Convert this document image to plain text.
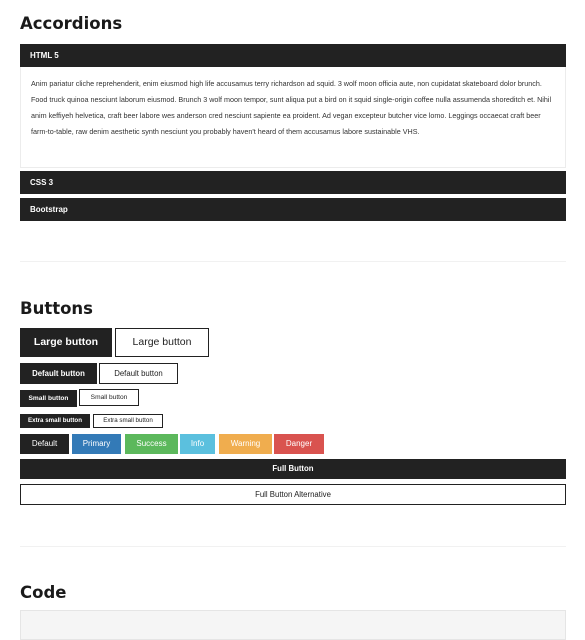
Accordions
HTML 5
Anim pariatur cliche reprehenderit, enim eiusmod high life accusamus terry richardson ad squid. 3 wolf moon officia aute, non cupidatat skateboard dolor brunch. Food truck quinoa nesciunt laborum eiusmod. Brunch 3 wolf moon tempor, sunt aliqua put a bird on it squid single-origin coffee nulla assumenda shoreditch et. Nihil anim keffiyeh helvetica, craft beer labore wes anderson cred nesciunt sapiente ea proident. Ad vegan excepteur butcher vice lomo. Leggings occaecat craft beer farm-to-table, raw denim aesthetic synth nesciunt you probably haven't heard of them accusamus labore sustainable VHS.
CSS 3
Bootstrap
Buttons
Large button	Large button
Default button	Default button
Small button	Small button
Extra small button	Extra small button
Default	Primary	Success	Info	Warning	Danger
Full Button
Full Button Alternative
Code
